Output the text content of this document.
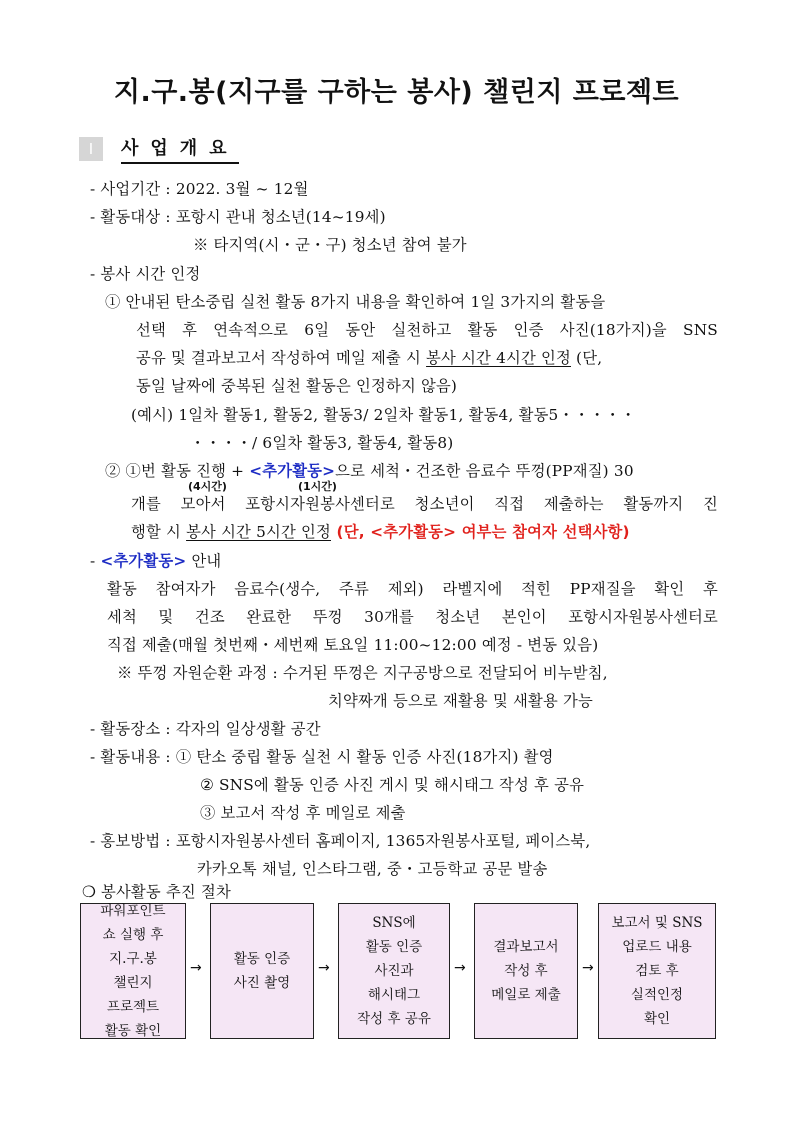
지.구.봉(지구를 구하는 봉사) 챌린지 프로젝트
Ⅰ	사업개요
- 사업기간 : 2022. 3월 ~ 12월
- 활동대상 : 포항시 관내 청소년(14~19세)
※ 타지역(시・군・구) 청소년 참여 불가
- 봉사 시간 인정
① 안내된 탄소중립 실천 활동 8가지 내용을 확인하여 1일 3가지의 활동을
선택 후 연속적으로 6일 동안 실천하고 활동 인증 사진(18가지)을 SNS
공유 및 결과보고서 작성하여 메일 제출 시 봉사 시간 4시간 인정 (단,
동일 날짜에 중복된 실천 활동은 인정하지 않음)
(예시) 1일차 활동1, 활동2, 활동3/ 2일차 활동1, 활동4, 활동5・・・・・
・・・・/ 6일차 활동3, 활동4, 활동8)
② ①번 활동 진행 + <추가활동>으로 세척・건조한 음료수 뚜껑(PP재질) 30
(4시간)	(1시간)
개를 모아서 포항시자원봉사센터로 청소년이 직접 제출하는 활동까지 진
행할 시 봉사 시간 5시간 인정 (단, <추가활동> 여부는 참여자 선택사항)
- <추가활동> 안내
활동 참여자가 음료수(생수, 주류 제외) 라벨지에 적힌 PP재질을 확인 후
세척 및 건조 완료한 뚜껑 30개를 청소년 본인이 포항시자원봉사센터로
직접 제출(매월 첫번째・세번째 토요일 11:00~12:00 예정 - 변동 있음)
※ 뚜껑 자원순환 과정 : 수거된 뚜껑은 지구공방으로 전달되어 비누받침,
치약짜개 등으로 재활용 및 새활용 가능
- 활동장소 : 각자의 일상생활 공간
- 활동내용 : ① 탄소 중립 활동 실천 시 활동 인증 사진(18가지) 촬영
② SNS에 활동 인증 사진 게시 및 해시태그 작성 후 공유
③ 보고서 작성 후 메일로 제출
- 홍보방법 : 포항시자원봉사센터 홈페이지, 1365자원봉사포털, 페이스북,
카카오톡 채널, 인스타그램, 중・고등학교 공문 발송
❍ 봉사활동 추진 절차
파워포인트
쇼 실행 후
지.구.봉
챌린지
프로젝트
활동 확인
→
활동 인증
사진 촬영
→
SNS에
활동 인증
사진과
해시태그
작성 후 공유
→
결과보고서
작성 후
메일로 제출
→
보고서 및 SNS
업로드 내용
검토 후
실적인정
확인
